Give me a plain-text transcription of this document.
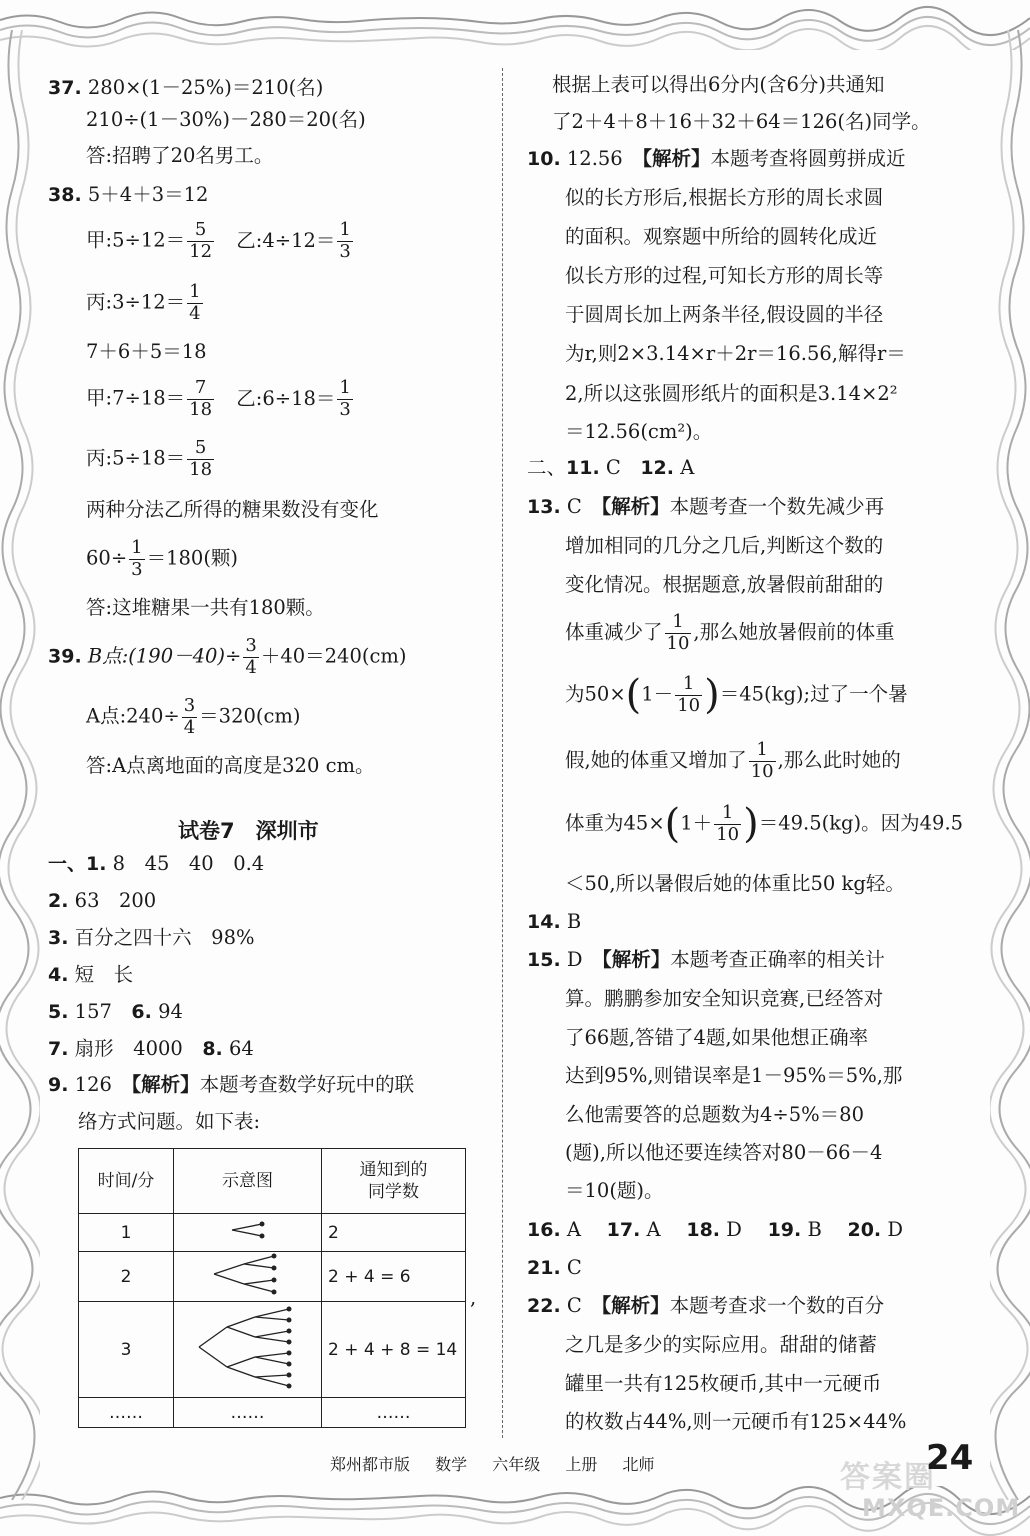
37. 280×(1－25%)＝210(名)
210÷(1－30%)－280＝20(名)
答:招聘了20名男工。
38. 5＋4＋3＝12
甲:5÷12＝ $\frac{5}{12}$ 乙:4÷12＝ $\frac{1}{3}$
丙:3÷12＝ $\frac{1}{4}$
7＋6＋5＝18
甲:7÷18＝ $\frac{7}{18}$ 乙:6÷18＝ $\frac{1}{3}$
丙:5÷18＝ $\frac{5}{18}$
两种分法乙所得的糖果数没有变化
$60\div \frac{1}{3} =180$(颗)
答:这堆糖果一共有180颗。
39. B点:(190－40)÷ $\frac{3}{4} +40=240(cm)$
A点:240÷ $\frac{3}{4} =320(cm)$
答:A点离地面的高度是320 cm。
试卷7　深圳市
一、1. 8　45　40　0.4
2. 63　200
3. 百分之四十六　98%
4. 短　长
5. 157　 6. 94
7. 扇形　4000　 8. 64
9. 126　 【解析】本题考查数学好玩中的联
络方式问题。如下表:
时间/分	示意图	通知到的
同学数
1		2
2		2 + 4 = 6
3		2 + 4 + 8 = 14
……	……	……
,
根据上表可以得出6分内(含6分)共通知
了2＋4＋8＋16＋32＋64＝126(名)同学。
10. 12.56　 【解析】本题考查将圆剪拼成近
似的长方形后,根据长方形的周长求圆
的面积。观察题中所给的圆转化成近
似长方形的过程,可知长方形的周长等
于圆周长加上两条半径,假设圆的半径
为r,则2×3.14×r＋2r＝16.56,解得r＝
2,所以这张圆形纸片的面积是3.14×2²
＝12.56(cm²)。
二、11. C　 12. A
13. C　 【解析】本题考查一个数先减少再
增加相同的几分之几后,判断这个数的
变化情况。根据题意,放暑假前甜甜的
体重减少了 $\frac{1}{10}$ ,那么她放暑假前的体重
为$50\times(1- \frac{1}{10} )=45(kg)$;过了一个暑
假,她的体重又增加了 $\frac{1}{10}$ ,那么此时她的
体重为$45\times(1+ \frac{1}{10} )=49.5(kg)$。因为49.5
＜50,所以暑假后她的体重比50 kg轻。
14. B
15. D　 【解析】本题考查正确率的相关计
算。鹏鹏参加安全知识竞赛,已经答对
了66题,答错了4题,如果他想正确率
达到95%,则错误率是1－95%＝5%,那
么他需要答的总题数为4÷5%＝80
(题),所以他还要连续答对80－66－4
＝10(题)。
16. A　 17. A　 18. D　 19. B　 20. D
21. C
22. C　 【解析】本题考查求一个数的百分
之几是多少的实际应用。甜甜的储蓄
罐里一共有125枚硬币,其中一元硬币
的枚数占44%,则一元硬币有125×44%
郑州都市版 数学 六年级 上册 北师	答案圈
MXQE.COM
24
